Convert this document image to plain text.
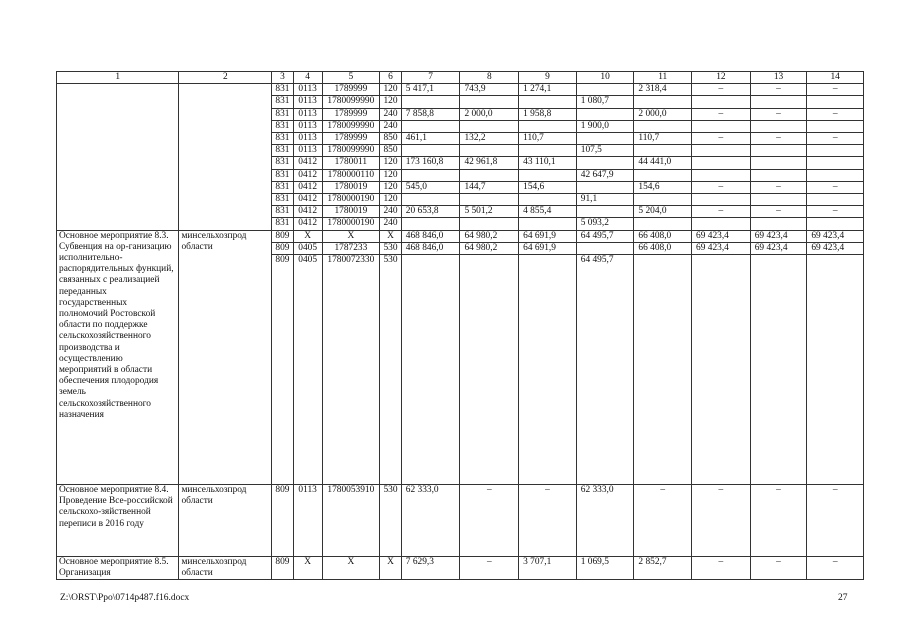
1	2	3	4	5	6	7	8	9	10	11	12	13	14
		831	0113	1789999	120	5 417,1	743,9	1 274,1		2 318,4	–	–	–
		831	0113	1780099990	120				1 080,7				
		831	0113	1789999	240	7 858,8	2 000,0	1 958,8		2 000,0	–	–	–
		831	0113	1780099990	240				1 900,0				
		831	0113	1789999	850	461,1	132,2	110,7		110,7	–	–	–
		831	0113	1780099990	850				107,5				
		831	0412	1780011	120	173 160,8	42 961,8	43 110,1		44 441,0			
		831	0412	1780000110	120				42 647,9				
		831	0412	1780019	120	545,0	144,7	154,6		154,6	–	–	–
		831	0412	1780000190	120				91,1				
		831	0412	1780019	240	20 653,8	5 501,2	4 855,4		5 204,0	–	–	–
		831	0412	1780000190	240				5 093,2				
Основное мероприятие 8.3. Субвенция на ор-ганизацию исполнительно-распорядительных функций, связанных с реализацией переданных государственных полномочий Ростовской области по поддержке сельскохозяйственного производства и осуществлению мероприятий в области обеспечения плодородия земель сельскохозяйственного назначения	минсельхозпрод области	809	Х	Х	Х	468 846,0	64 980,2	64 691,9	64 495,7	66 408,0	69 423,4	69 423,4	69 423,4
		809	0405	1787233	530	468 846,0	64 980,2	64 691,9		66 408,0	69 423,4	69 423,4	69 423,4
		809	0405	1780072330	530				64 495,7				
Основное мероприятие 8.4. Проведение Все-российской сельскохо-зяйственной переписи в 2016 году	минсельхозпрод области	809	0113	1780053910	530	62 333,0	–	–	62 333,0	–	–	–	–
Основное мероприятие 8.5. Организация	минсельхозпрод области	809	Х	Х	Х	7 629,3	–	3 707,1	1 069,5	2 852,7	–	–	–
Z:\ORST\Ppo\0714p487.f16.docx	27
